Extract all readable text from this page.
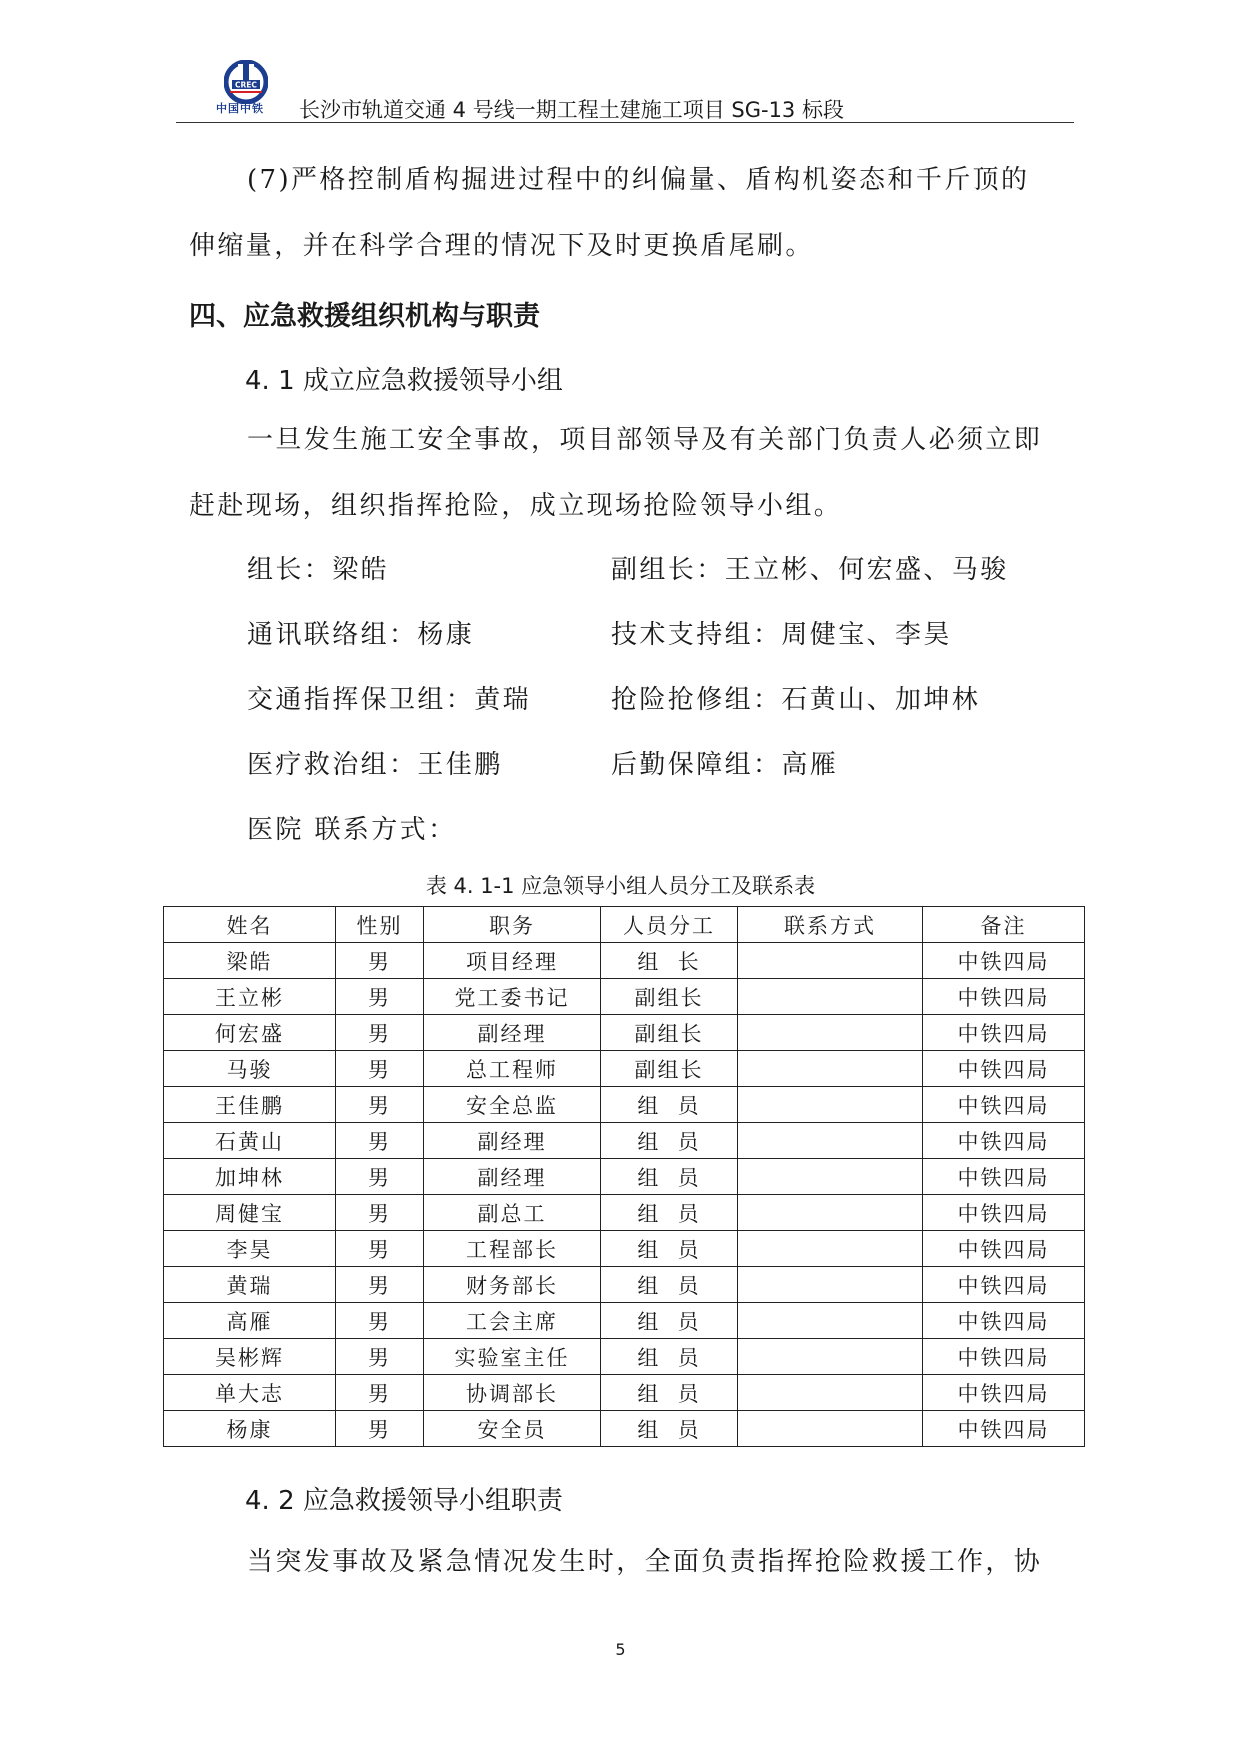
CREC
中国中铁 长沙市轨道交通 4 号线一期工程土建施工项目 SG-13 标段
(7)严格控制盾构掘进过程中的纠偏量、盾构机姿态和千斤顶的
伸缩量，并在科学合理的情况下及时更换盾尾刷。
四、应急救援组织机构与职责
4. 1 成立应急救援领导小组
一旦发生施工安全事故，项目部领导及有关部门负责人必须立即
赶赴现场，组织指挥抢险，成立现场抢险领导小组。
组长：梁皓	副组长：王立彬、何宏盛、马骏
通讯联络组：杨康	技术支持组：周健宝、李昊
交通指挥保卫组：黄瑞	抢险抢修组：石黄山、加坤林
医疗救治组：王佳鹏	后勤保障组：高雁
医院 联系方式：
表 4. 1-1 应急领导小组人员分工及联系表
姓名	性别	职务	人员分工	联系方式	备注
梁皓	男	项目经理	组  长		中铁四局
王立彬	男	党工委书记	副组长		中铁四局
何宏盛	男	副经理	副组长		中铁四局
马骏	男	总工程师	副组长		中铁四局
王佳鹏	男	安全总监	组  员		中铁四局
石黄山	男	副经理	组  员		中铁四局
加坤林	男	副经理	组  员		中铁四局
周健宝	男	副总工	组  员		中铁四局
李昊	男	工程部长	组  员		中铁四局
黄瑞	男	财务部长	组  员		中铁四局
高雁	男	工会主席	组  员		中铁四局
吴彬辉	男	实验室主任	组  员		中铁四局
单大志	男	协调部长	组  员		中铁四局
杨康	男	安全员	组  员		中铁四局
4. 2 应急救援领导小组职责
当突发事故及紧急情况发生时，全面负责指挥抢险救援工作，协
5
